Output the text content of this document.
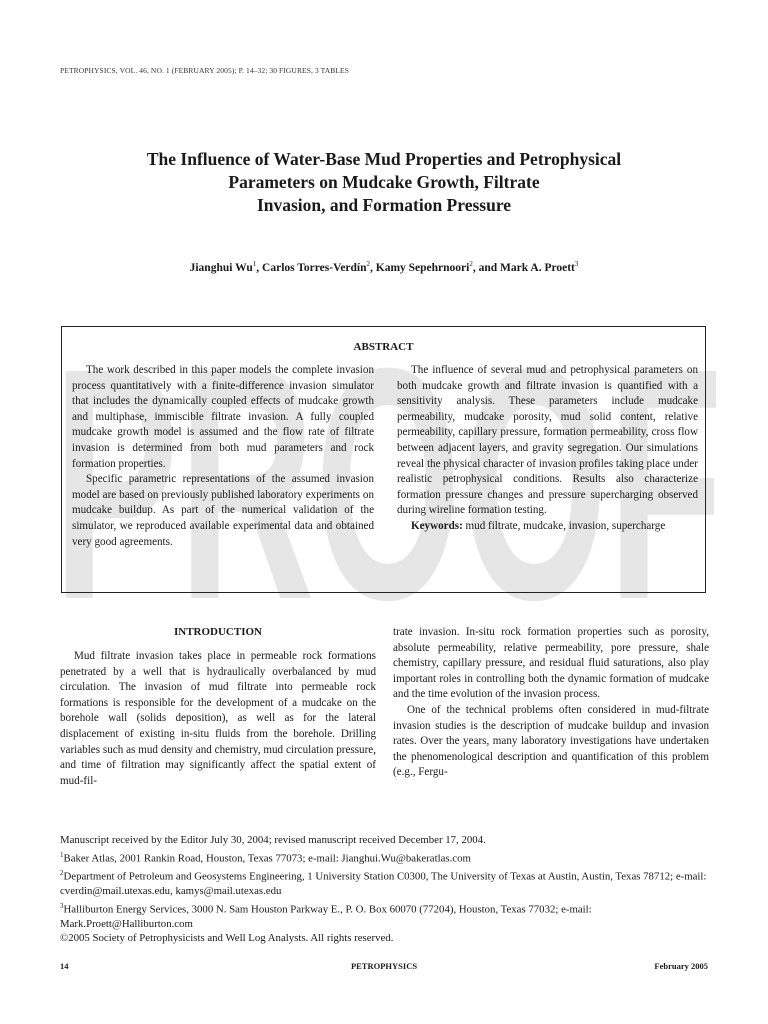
PROOF
PETROPHYSICS, VOL. 46, NO. 1 (FEBRUARY 2005); P. 14–32; 30 FIGURES, 3 TABLES
The Influence of Water-Base Mud Properties and Petrophysical
Parameters on Mudcake Growth, Filtrate
Invasion, and Formation Pressure
Jianghui Wu$^1$, Carlos Torres-Verdín$^2$, Kamy Sepehrnoori$^2$, and Mark A. Proett$^3$
ABSTRACT

The work described in this paper models the complete invasion process quantitatively with a finite-difference invasion simulator that includes the dynamically coupled effects of mudcake growth and multiphase, immiscible filtrate invasion. A fully coupled mudcake growth model is assumed and the flow rate of filtrate invasion is determined from both mud parameters and rock formation properties.

Specific parametric representations of the assumed invasion model are based on previously published laboratory experiments on mudcake buildup. As part of the numerical validation of the simulator, we reproduced available experimental data and obtained very good agreements.

The influence of several mud and petrophysical parameters on both mudcake growth and filtrate invasion is quantified with a sensitivity analysis. These parameters include mudcake permeability, mudcake porosity, mud solid content, relative permeability, capillary pressure, formation permeability, cross flow between adjacent layers, and gravity segregation. Our simulations reveal the physical character of invasion profiles taking place under realistic petrophysical conditions. Results also characterize formation pressure changes and pressure supercharging observed during wireline formation testing.

Keywords: mud filtrate, mudcake, invasion, supercharge

INTRODUCTION

Mud filtrate invasion takes place in permeable rock formations penetrated by a well that is hydraulically overbalanced by mud circulation. The invasion of mud filtrate into permeable rock formations is responsible for the development of a mudcake on the borehole wall (solids deposition), as well as for the lateral displacement of existing in-situ fluids from the borehole. Drilling variables such as mud density and chemistry, mud circulation pressure, and time of filtration may significantly affect the spatial extent of mud-fil-

trate invasion. In-situ rock formation properties such as porosity, absolute permeability, relative permeability, pore pressure, shale chemistry, capillary pressure, and residual fluid saturations, also play important roles in controlling both the dynamic formation of mudcake and the time evolution of the invasion process.

One of the technical problems often considered in mud-filtrate invasion studies is the description of mudcake buildup and invasion rates. Over the years, many laboratory investigations have undertaken the phenomenological description and quantification of this problem (e.g., Fergu-

Manuscript received by the Editor July 30, 2004; revised manuscript received December 17, 2004.
$^1$Baker Atlas, 2001 Rankin Road, Houston, Texas 77073; e-mail: Jianghui.Wu@bakeratlas.com
$^2$Department of Petroleum and Geosystems Engineering, 1 University Station C0300, The University of Texas at Austin, Austin, Texas 78712; e-mail: cverdin@mail.utexas.edu, kamys@mail.utexas.edu
$^3$Halliburton Energy Services, 3000 N. Sam Houston Parkway E., P. O. Box 60070 (77204), Houston, Texas 77032; e-mail: Mark.Proett@Halliburton.com
©2005 Society of Petrophysicists and Well Log Analysts. All rights reserved.
14	PETROPHYSICS	February 2005
